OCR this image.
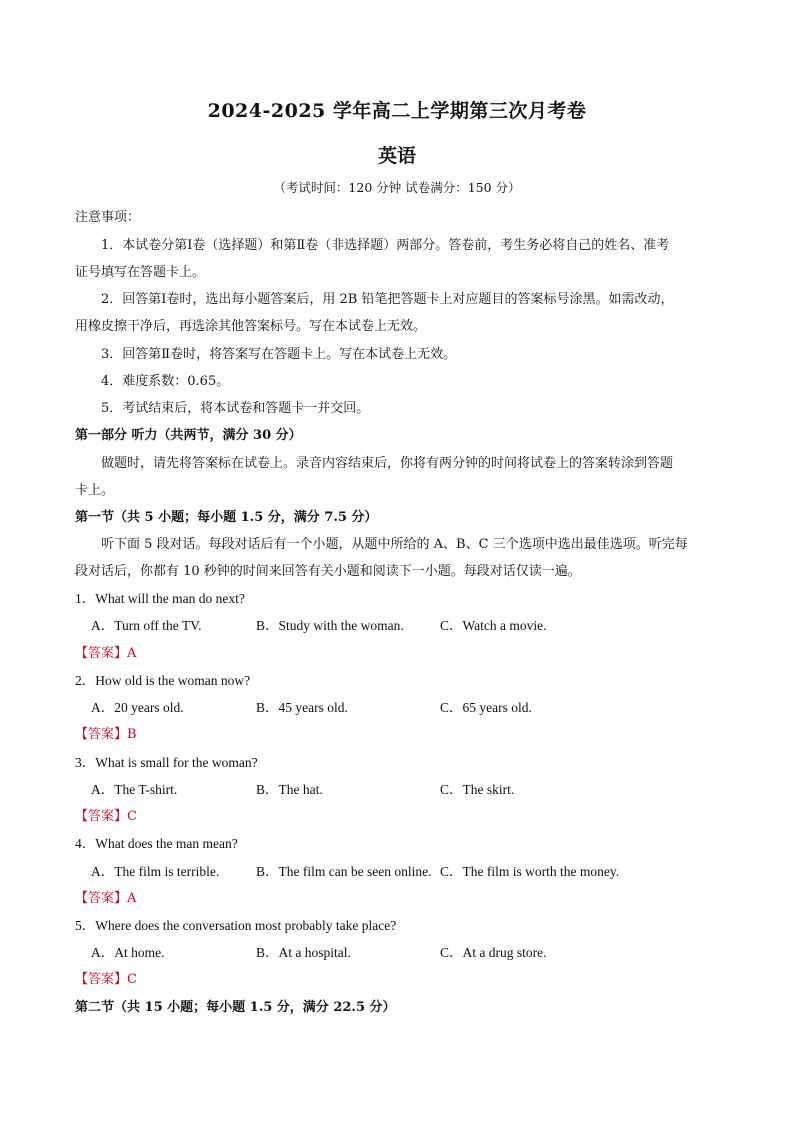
2024-2025 学年高二上学期第三次月考卷
英语
（考试时间：120 分钟 试卷满分：150 分）
注意事项：
1．本试卷分第Ⅰ卷（选择题）和第Ⅱ卷（非选择题）两部分。答卷前，考生务必将自己的姓名、准考
证号填写在答题卡上。
2．回答第Ⅰ卷时，选出每小题答案后，用 2B 铅笔把答题卡上对应题目的答案标号涂黑。如需改动，
用橡皮擦干净后，再选涂其他答案标号。写在本试卷上无效。
3．回答第Ⅱ卷时，将答案写在答题卡上。写在本试卷上无效。
4．难度系数：0.65。
5．考试结束后，将本试卷和答题卡一并交回。
第一部分 听力（共两节，满分 30 分）
做题时，请先将答案标在试卷上。录音内容结束后，你将有两分钟的时间将试卷上的答案转涂到答题
卡上。
第一节（共 5 小题；每小题 1.5 分，满分 7.5 分）
听下面 5 段对话。每段对话后有一个小题，从题中所给的 A、B、C 三个选项中选出最佳选项。听完每
段对话后，你都有 10 秒钟的时间来回答有关小题和阅读下一小题。每段对话仅读一遍。
1．What will the man do next?
A．Turn off the TV.	B．Study with the woman.	C．Watch a movie.
【答案】A
2．How old is the woman now?
A．20 years old.	B．45 years old.	C．65 years old.
【答案】B
3．What is small for the woman?
A．The T-shirt.	B．The hat.	C．The skirt.
【答案】C
4．What does the man mean?
A．The film is terrible.	B．The film can be seen online. C．The film is worth the money.
【答案】A
5．Where does the conversation most probably take place?
A．At home.	B．At a hospital.	C．At a drug store.
【答案】C
第二节（共 15 小题；每小题 1.5 分，满分 22.5 分）
